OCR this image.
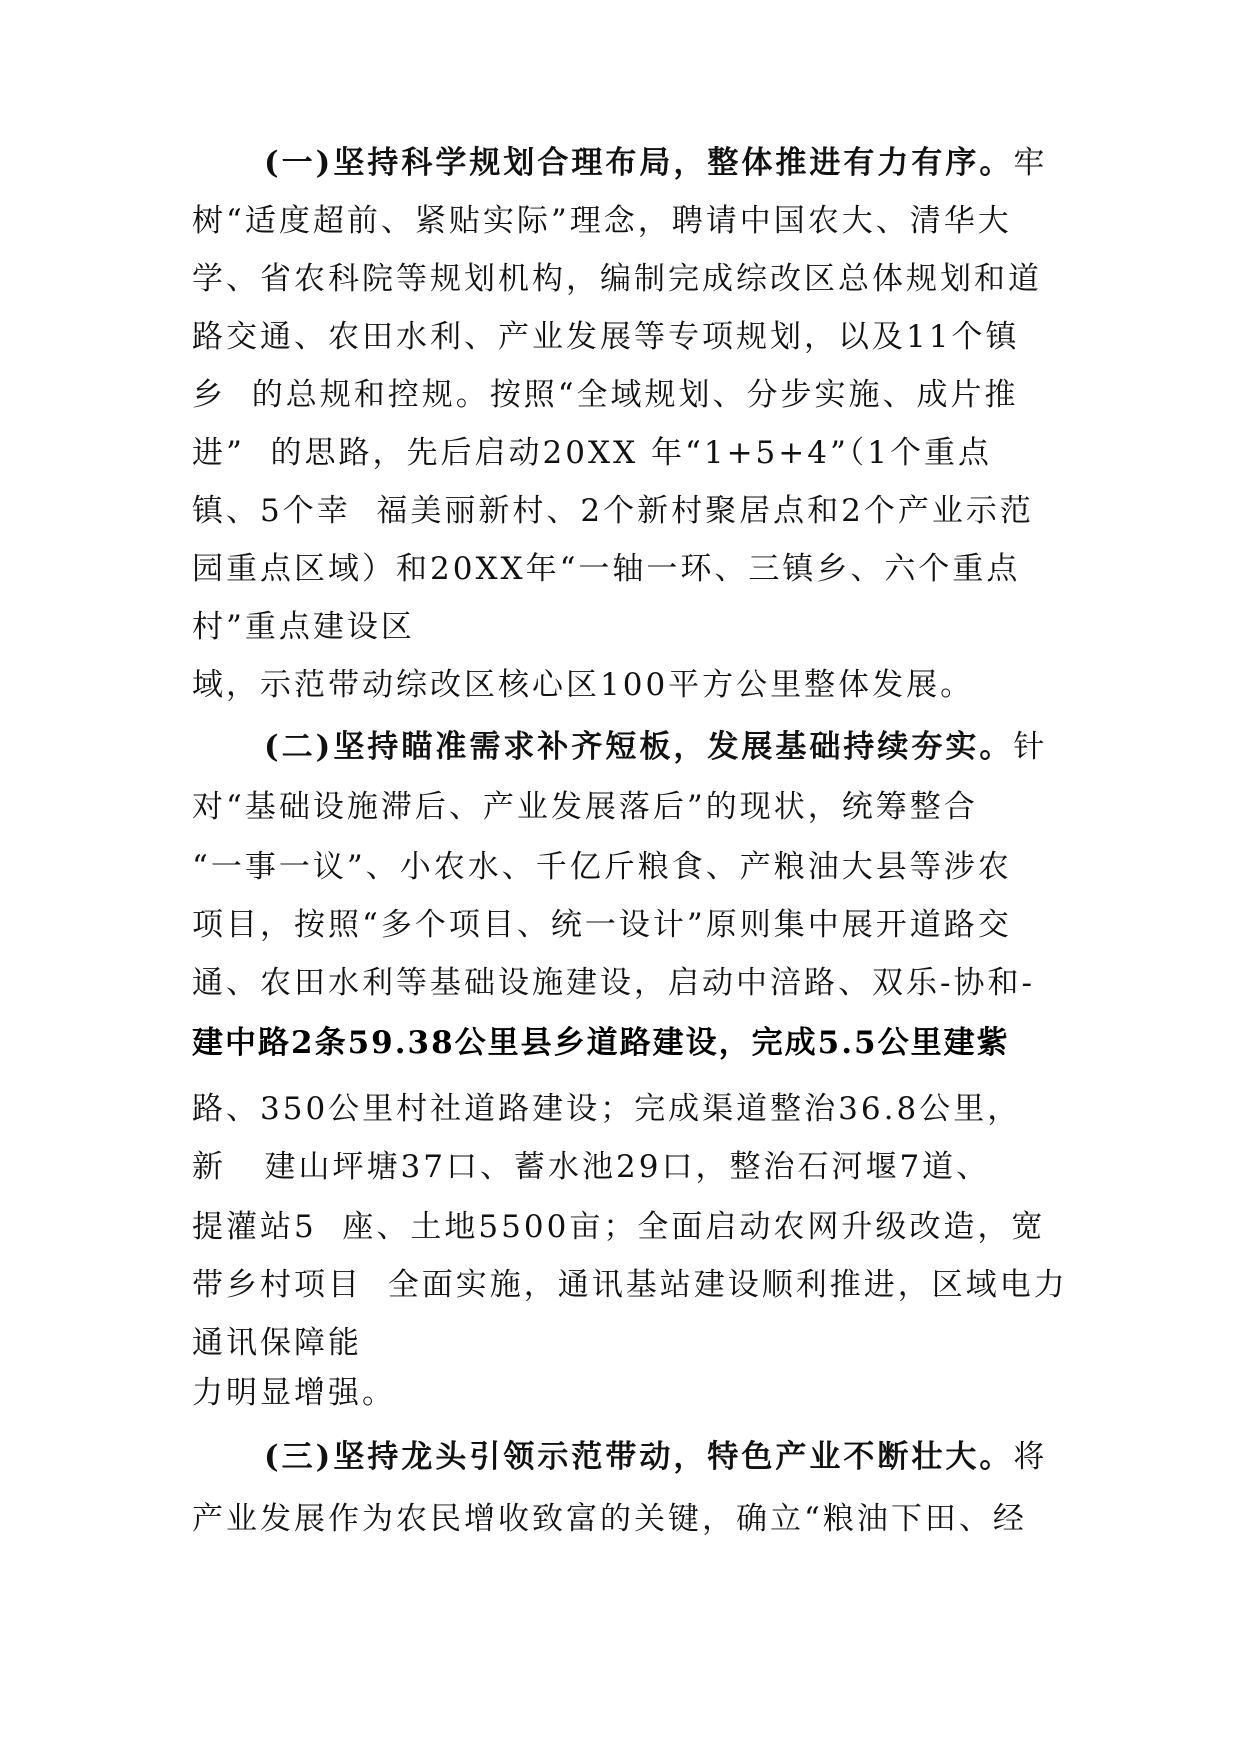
(一)坚持科学规划合理布局，整体推进有力有序。牢
树“适度超前、紧贴实际”理念，聘请中国农大、清华大
学、省农科院等规划机构，编制完成综改区总体规划和道
路交通、农田水利、产业发展等专项规划，以及11个镇
乡  的总规和控规。按照“全域规划、分步实施、成片推
进”  的思路，先后启动20XX 年“1+5+4”（1个重点
镇、5个幸  福美丽新村、2个新村聚居点和2个产业示范
园重点区域）和20XX年“一轴一环、三镇乡、六个重点
村”重点建设区
域，示范带动综改区核心区100平方公里整体发展。
(二)坚持瞄准需求补齐短板，发展基础持续夯实。针
对“基础设施滞后、产业发展落后”的现状，统筹整合
“一事一议”、小农水、千亿斤粮食、产粮油大县等涉农
项目，按照“多个项目、统一设计”原则集中展开道路交
通、农田水利等基础设施建设，启动中涪路、双乐-协和-
建中路2条59.38公里县乡道路建设，完成5.5公里建紫
路、350公里村社道路建设；完成渠道整治36.8公里，
新   建山坪塘37口、蓄水池29口，整治石河堰7道、
提灌站5  座、土地5500亩；全面启动农网升级改造，宽
带乡村项目  全面实施，通讯基站建设顺利推进，区域电力
通讯保障能
力明显增强。
(三)坚持龙头引领示范带动，特色产业不断壮大。将
产业发展作为农民增收致富的关键，确立“粮油下田、经
